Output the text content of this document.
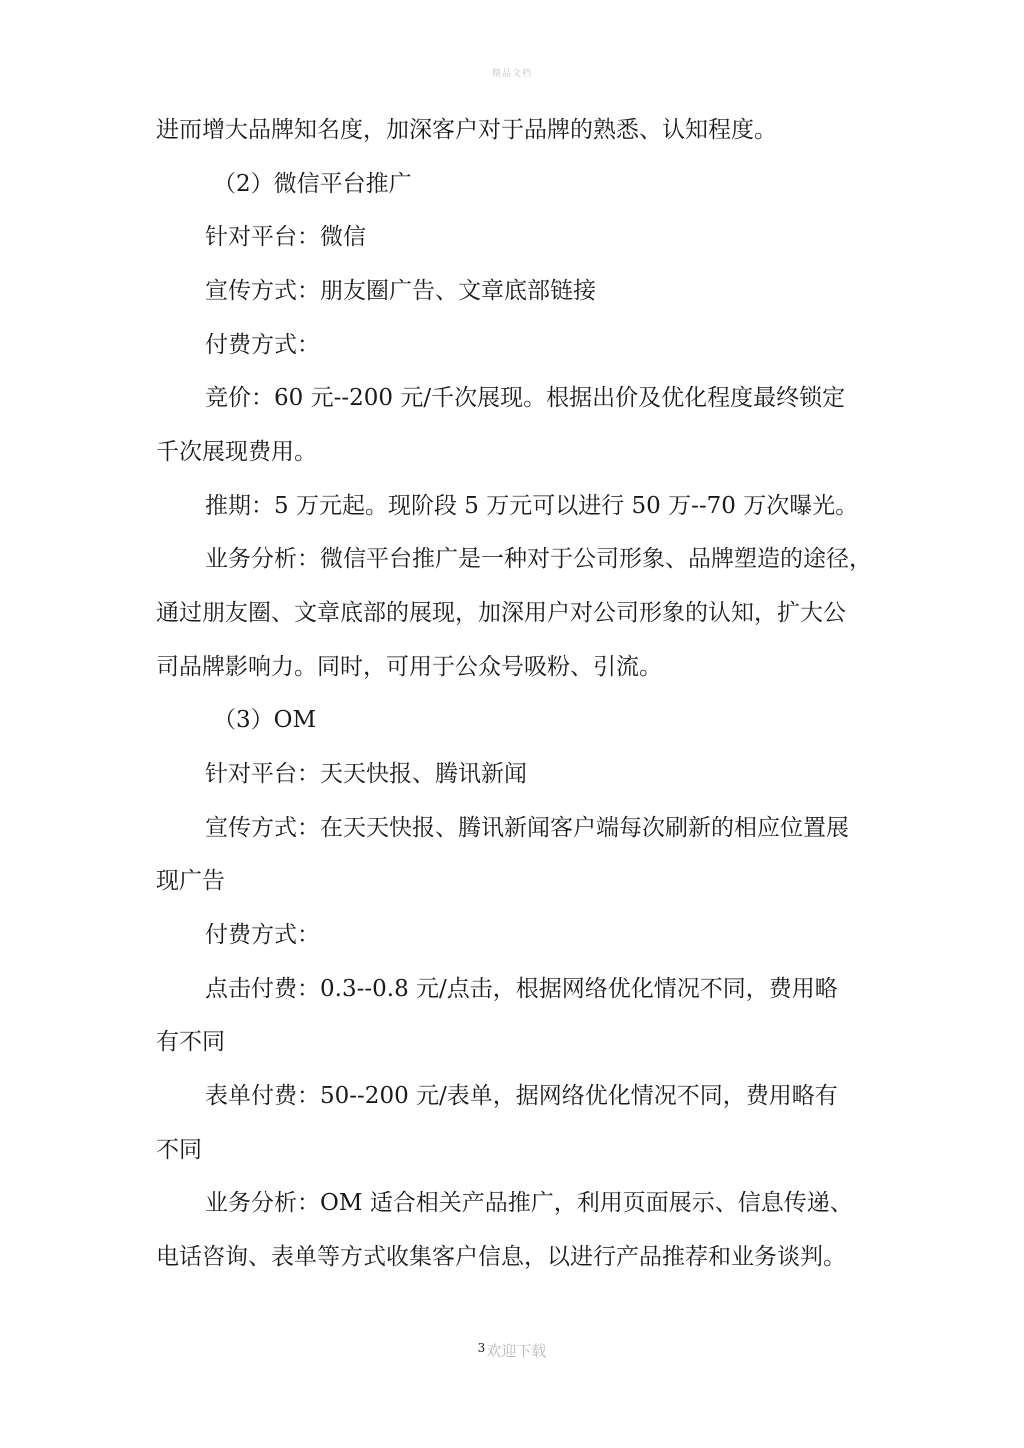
精品文档

进而增大品牌知名度，加深客户对于品牌的熟悉、认知程度。

（2）微信平台推广

针对平台：微信

宣传方式：朋友圈广告、文章底部链接

付费方式：

竞价：60 元--200 元/千次展现。根据出价及优化程度最终锁定

千次展现费用。

推期：5 万元起。现阶段 5 万元可以进行 50 万--70 万次曝光。

业务分析：微信平台推广是一种对于公司形象、品牌塑造的途径，

通过朋友圈、文章底部的展现，加深用户对公司形象的认知，扩大公

司品牌影响力。同时，可用于公众号吸粉、引流。

（3）OM

针对平台：天天快报、腾讯新闻

宣传方式：在天天快报、腾讯新闻客户端每次刷新的相应位置展

现广告

付费方式：

点击付费：0.3--0.8 元/点击，根据网络优化情况不同，费用略

有不同

表单付费：50--200 元/表单，据网络优化情况不同，费用略有

不同

业务分析：OM 适合相关产品推广，利用页面展示、信息传递、

电话咨询、表单等方式收集客户信息，以进行产品推荐和业务谈判。

$^3$欢迎下载
